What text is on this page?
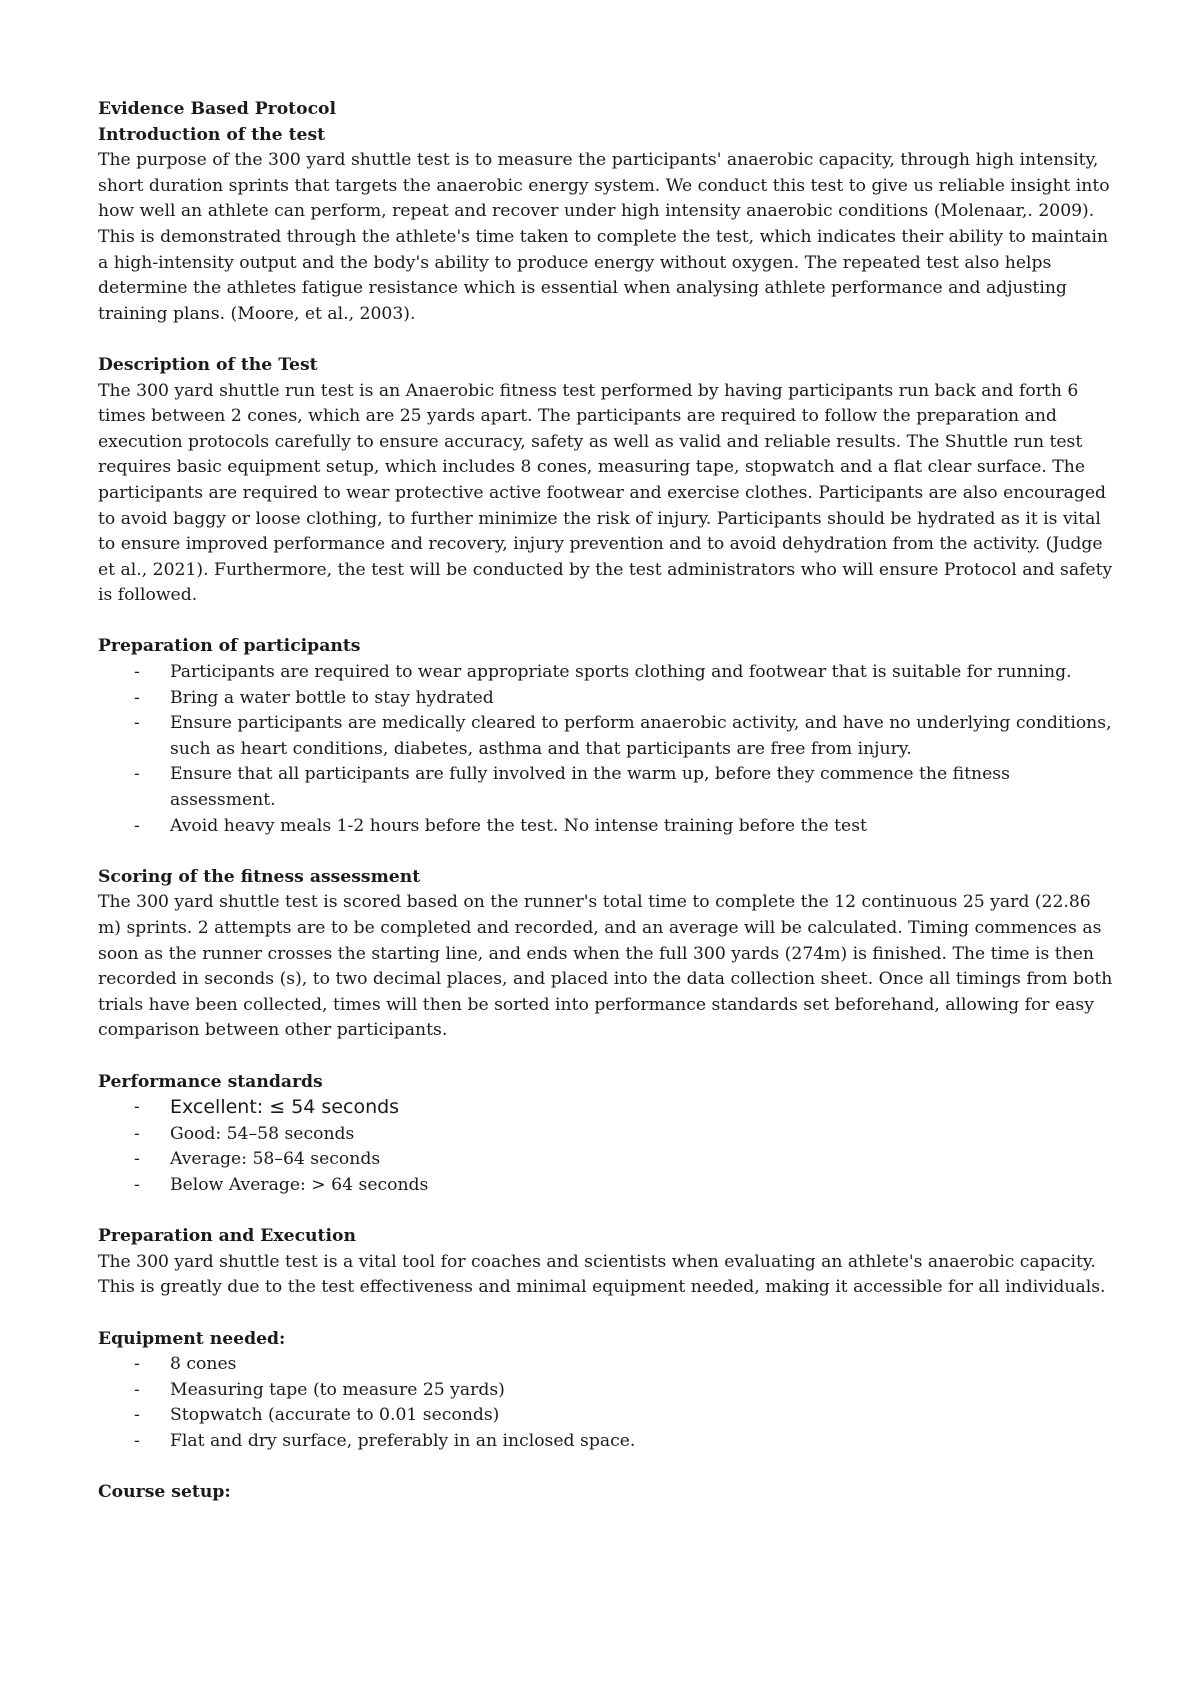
Evidence Based Protocol
Introduction of the test

The purpose of the 300 yard shuttle test is to measure the participants' anaerobic capacity, through high intensity, short duration sprints that targets the anaerobic energy system. We conduct this test to give us reliable insight into how well an athlete can perform, repeat and recover under high intensity anaerobic conditions (Molenaar,. 2009). This is demonstrated through the athlete's time taken to complete the test, which indicates their ability to maintain a high-intensity output and the body's ability to produce energy without oxygen. The repeated test also helps determine the athletes fatigue resistance which is essential when analysing athlete performance and adjusting training plans. (Moore, et al., 2003).

Description of the Test

The 300 yard shuttle run test is an Anaerobic fitness test performed by having participants run back and forth 6 times between 2 cones, which are 25 yards apart. The participants are required to follow the preparation and execution protocols carefully to ensure accuracy, safety as well as valid and reliable results. The Shuttle run test requires basic equipment setup, which includes 8 cones, measuring tape, stopwatch and a flat clear surface. The participants are required to wear protective active footwear and exercise clothes. Participants are also encouraged to avoid baggy or loose clothing, to further minimize the risk of injury. Participants should be hydrated as it is vital to ensure improved performance and recovery, injury prevention and to avoid dehydration from the activity. (Judge et al., 2021). Furthermore, the test will be conducted by the test administrators who will ensure Protocol and safety is followed.

Preparation of participants
- Participants are required to wear appropriate sports clothing and footwear that is suitable for running.
- Bring a water bottle to stay hydrated
- Ensure participants are medically cleared to perform anaerobic activity, and have no underlying conditions, such as heart conditions, diabetes, asthma and that participants are free from injury.
- Ensure that all participants are fully involved in the warm up, before they commence the fitness assessment.
- Avoid heavy meals 1-2 hours before the test. No intense training before the test
Scoring of the fitness assessment

The 300 yard shuttle test is scored based on the runner's total time to complete the 12 continuous 25 yard (22.86 m) sprints. 2 attempts are to be completed and recorded, and an average will be calculated. Timing commences as soon as the runner crosses the starting line, and ends when the full 300 yards (274m) is finished. The time is then recorded in seconds (s), to two decimal places, and placed into the data collection sheet. Once all timings from both trials have been collected, times will then be sorted into performance standards set beforehand, allowing for easy comparison between other participants.

Performance standards
- Excellent: ≤ 54 seconds
- Good: 54–58 seconds
- Average: 58–64 seconds
- Below Average: > 64 seconds
Preparation and Execution

The 300 yard shuttle test is a vital tool for coaches and scientists when evaluating an athlete's anaerobic capacity. This is greatly due to the test effectiveness and minimal equipment needed, making it accessible for all individuals.

Equipment needed:
- 8 cones
- Measuring tape (to measure 25 yards)
- Stopwatch (accurate to 0.01 seconds)
- Flat and dry surface, preferably in an inclosed space.
Course setup:
